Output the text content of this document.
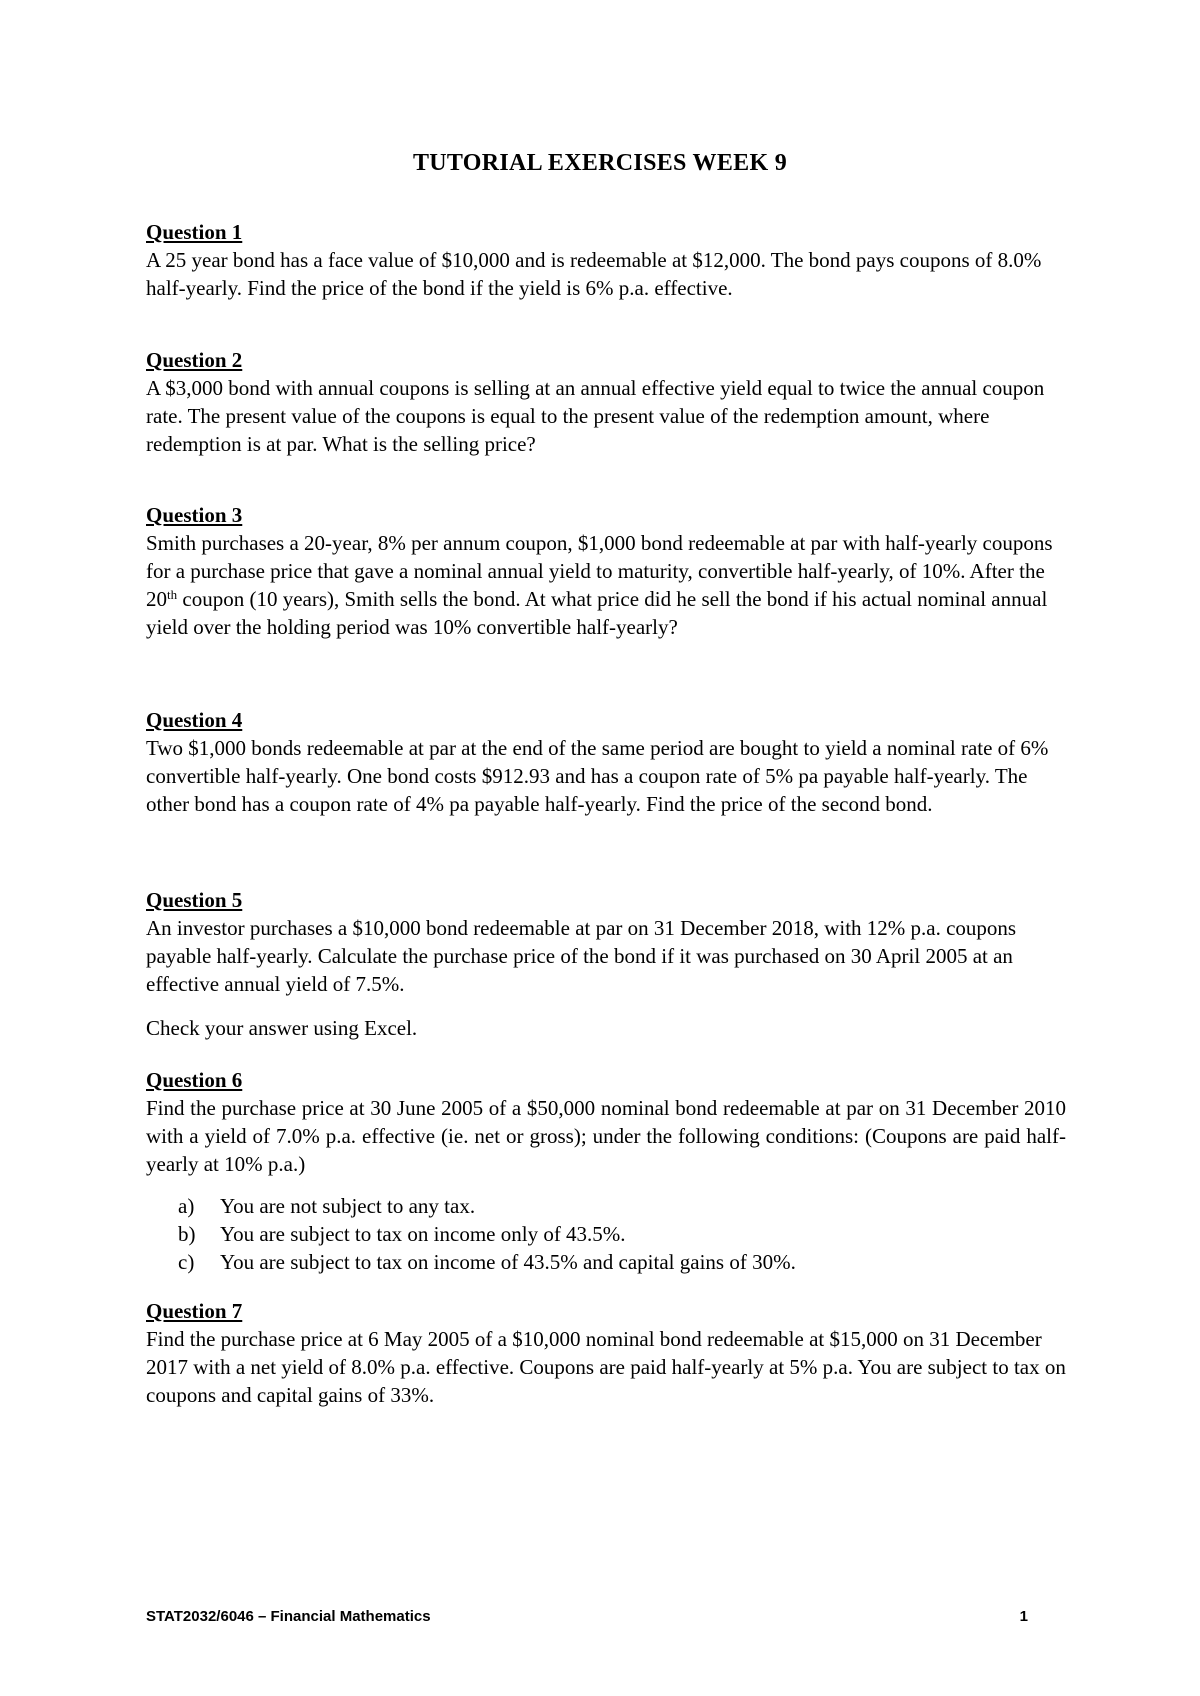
TUTORIAL EXERCISES WEEK 9
Question 1

A 25 year bond has a face value of $10,000 and is redeemable at $12,000. The bond pays coupons of 8.0% half-yearly. Find the price of the bond if the yield is 6% p.a. effective.

Question 2

A $3,000 bond with annual coupons is selling at an annual effective yield equal to twice the annual coupon rate. The present value of the coupons is equal to the present value of the redemption amount, where redemption is at par. What is the selling price?

Question 3

Smith purchases a 20-year, 8% per annum coupon, $1,000 bond redeemable at par with half-yearly coupons for a purchase price that gave a nominal annual yield to maturity, convertible half-yearly, of 10%. After the 20th coupon (10 years), Smith sells the bond. At what price did he sell the bond if his actual nominal annual yield over the holding period was 10% convertible half-yearly?

Question 4

Two $1,000 bonds redeemable at par at the end of the same period are bought to yield a nominal rate of 6% convertible half-yearly. One bond costs $912.93 and has a coupon rate of 5% pa payable half-yearly. The other bond has a coupon rate of 4% pa payable half-yearly. Find the price of the second bond.

Question 5

An investor purchases a $10,000 bond redeemable at par on 31 December 2018, with 12% p.a. coupons payable half-yearly. Calculate the purchase price of the bond if it was purchased on 30 April 2005 at an effective annual yield of 7.5%.

Check your answer using Excel.
Question 6

Find the purchase price at 30 June 2005 of a $50,000 nominal bond redeemable at par on 31 December 2010 with a yield of 7.0% p.a. effective (ie. net or gross); under the following conditions: (Coupons are paid half-yearly at 10% p.a.)

a) You are not subject to any tax.
b) You are subject to tax on income only of 43.5%.
c) You are subject to tax on income of 43.5% and capital gains of 30%.
Question 7

Find the purchase price at 6 May 2005 of a $10,000 nominal bond redeemable at $15,000 on 31 December 2017 with a net yield of 8.0% p.a. effective. Coupons are paid half-yearly at 5% p.a. You are subject to tax on coupons and capital gains of 33%.

STAT2032/6046 – Financial Mathematics	1
